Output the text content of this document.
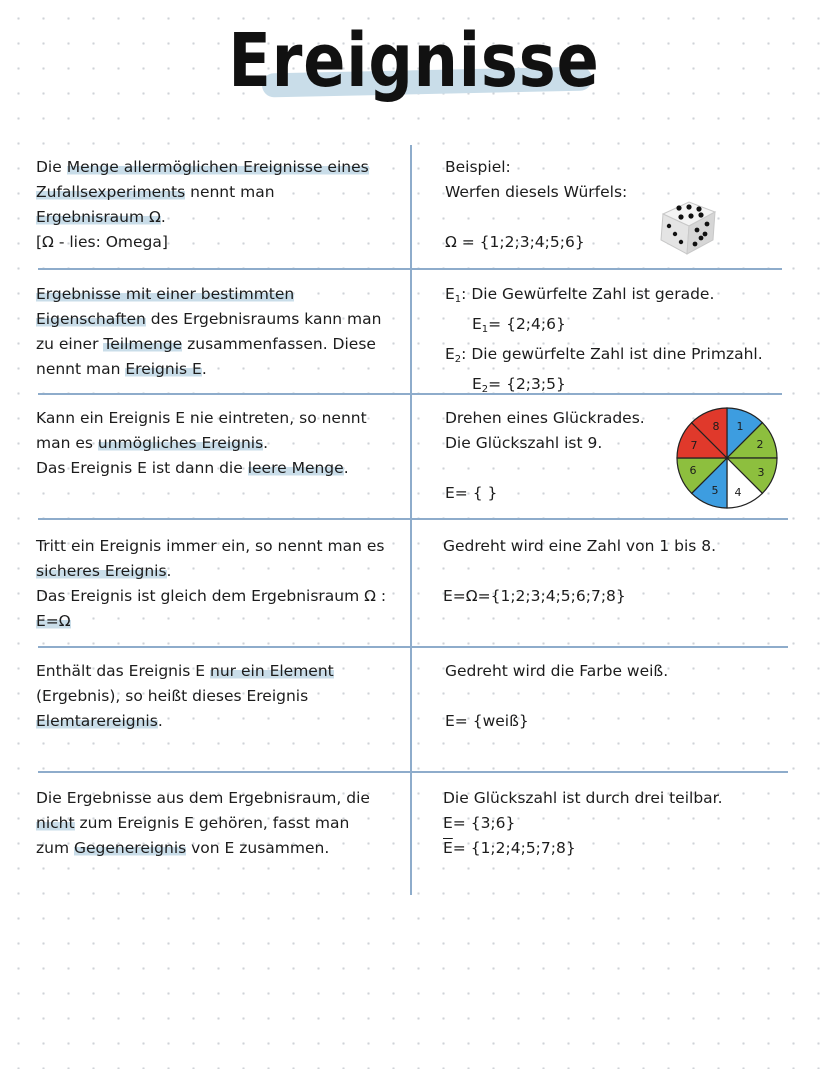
Ereignisse

Die Menge allermöglichen Ereignisse eines

Zufallsexperiments nennt man

Ergebnisraum Ω.

[Ω - lies: Omega]

Beispiel:

Werfen diesels Würfels:

Ω = {1;2;3;4;5;6}

Ergebnisse mit einer bestimmten

Eigenschaften des Ergebnisraums kann man

zu einer Teilmenge zusammenfassen. Diese

nennt man Ereignis E.

$E_1$: Die Gewürfelte Zahl ist gerade.

$E_1=$ {2;4;6}

$E_2$: Die gewürfelte Zahl ist dine Primzahl.

$E_2=$ {2;3;5}

Kann ein Ereignis E nie eintreten, so nennt

man es unmögliches Ereignis.

Das Ereignis E ist dann die leere Menge.

Drehen eines Glückrades.

Die Glückszahl ist 9.

E= { }

1
2
3
4
5
6
7
8

Tritt ein Ereignis immer ein, so nennt man es

sicheres Ereignis.

Das Ereignis ist gleich dem Ergebnisraum Ω :

E=Ω

Gedreht wird eine Zahl von 1 bis 8.

E=Ω={1;2;3;4;5;6;7;8}

Enthält das Ereignis E nur ein Element

(Ergebnis), so heißt dieses Ereignis

Elemtarereignis.

Gedreht wird die Farbe weiß.

E= {weiß}

Die Ergebnisse aus dem Ergebnisraum, die

nicht zum Ereignis E gehören, fasst man

zum Gegenereignis von E zusammen.

Die Glückszahl ist durch drei teilbar.

E= {3;6}

$\overline{E}=$ {1;2;4;5;7;8}
